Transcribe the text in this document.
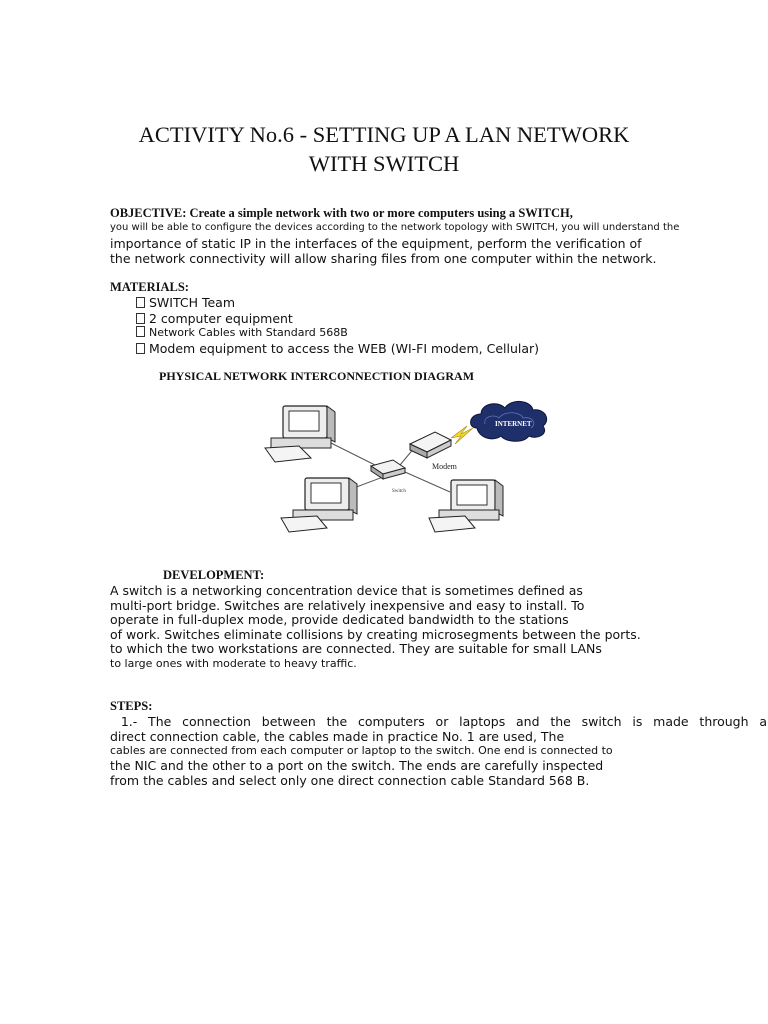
ACTIVITY No.6 - SETTING UP A LAN NETWORK
WITH SWITCH
OBJECTIVE: Create a simple network with two or more computers using a SWITCH,
you will be able to configure the devices according to the network topology with SWITCH, you will understand the
importance of static IP in the interfaces of the equipment, perform the verification of
the network connectivity will allow sharing files from one computer within the network.
MATERIALS:
SWITCH Team
2 computer equipment
Network Cables with Standard 568B
Modem equipment to access the WEB (WI-FI modem, Cellular)
PHYSICAL NETWORK INTERCONNECTION DIAGRAM
Switch
Modem
INTERNET
DEVELOPMENT:
A switch is a networking concentration device that is sometimes defined as
multi-port bridge. Switches are relatively inexpensive and easy to install. To
operate in full-duplex mode, provide dedicated bandwidth to the stations
of work. Switches eliminate collisions by creating microsegments between the ports.
to which the two workstations are connected. They are suitable for small LANs
to large ones with moderate to heavy traffic.
STEPS:
1.- The connection between the computers or laptops and the switch is made through a
direct connection cable, the cables made in practice No. 1 are used, The
cables are connected from each computer or laptop to the switch. One end is connected to
the NIC and the other to a port on the switch. The ends are carefully inspected
from the cables and select only one direct connection cable Standard 568 B.
